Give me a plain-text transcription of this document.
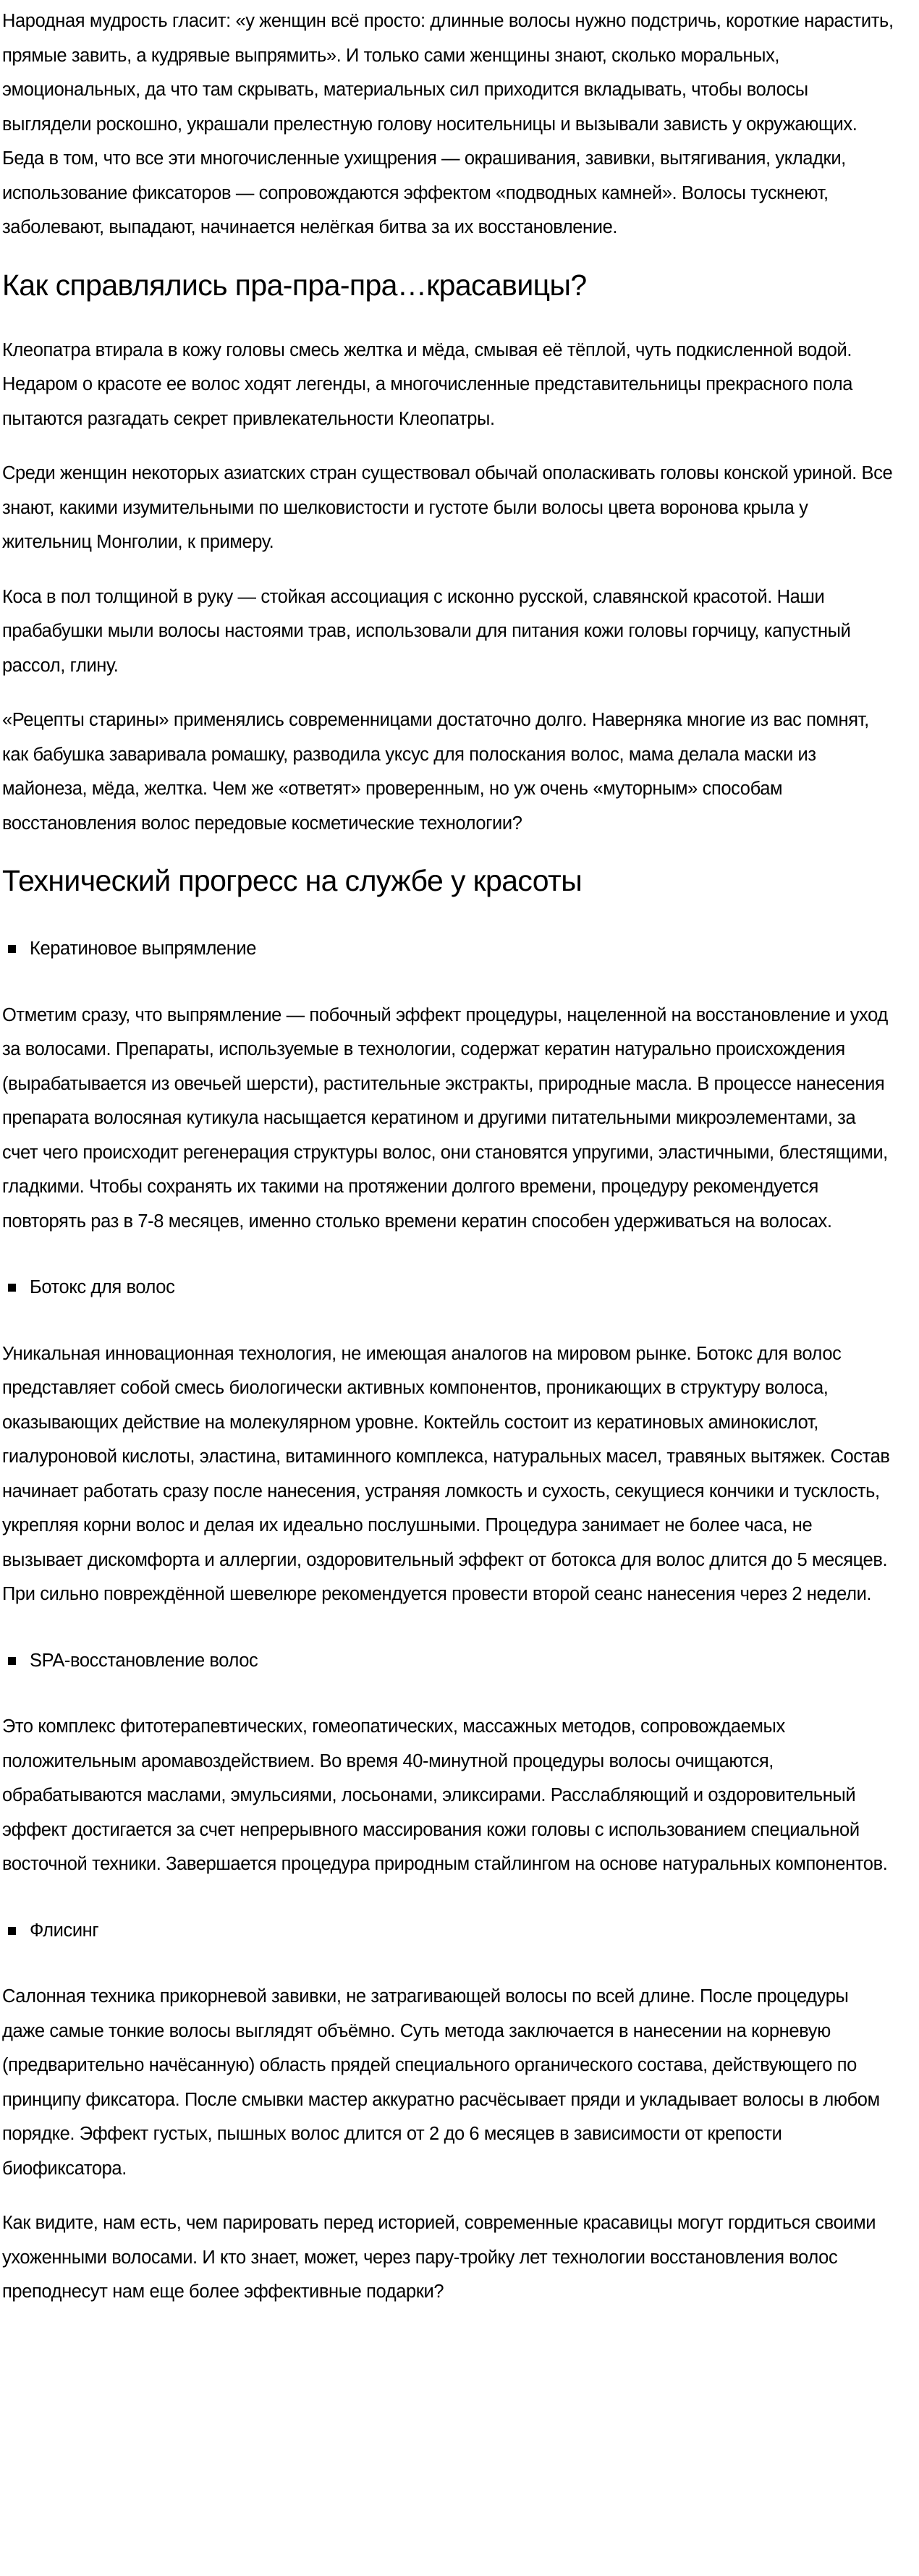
Народная мудрость гласит: «у женщин всё просто: длинные волосы нужно подстричь, короткие нарастить, прямые завить, а кудрявые выпрямить». И только сами женщины знают, сколько моральных, эмоциональных, да что там скрывать, материальных сил приходится вкладывать, чтобы волосы выглядели роскошно, украшали прелестную голову носительницы и вызывали зависть у окружающих. Беда в том, что все эти многочисленные ухищрения — окрашивания, завивки, вытягивания, укладки, использование фиксаторов — сопровождаются эффектом «подводных камней». Волосы тускнеют, заболевают, выпадают, начинается нелёгкая битва за их восстановление.

Как справлялись пра-пра-пра…красавицы?

Клеопатра втирала в кожу головы смесь желтка и мёда, смывая её тёплой, чуть подкисленной водой. Недаром о красоте ее волос ходят легенды, а многочисленные представительницы прекрасного пола пытаются разгадать секрет привлекательности Клеопатры.

Среди женщин некоторых азиатских стран существовал обычай ополаскивать головы конской уриной. Все знают, какими изумительными по шелковистости и густоте были волосы цвета воронова крыла у жительниц Монголии, к примеру.

Коса в пол толщиной в руку — стойкая ассоциация с исконно русской, славянской красотой. Наши прабабушки мыли волосы настоями трав, использовали для питания кожи головы горчицу, капустный рассол, глину.

«Рецепты старины» применялись современницами достаточно долго. Наверняка многие из вас помнят, как бабушка заваривала ромашку, разводила уксус для полоскания волос, мама делала маски из майонеза, мёда, желтка. Чем же «ответят» проверенным, но уж очень «муторным» способам восстановления волос передовые косметические технологии?

Технический прогресс на службе у красоты
Кератиновое выпрямление

Отметим сразу, что выпрямление — побочный эффект процедуры, нацеленной на восстановление и уход за волосами. Препараты, используемые в технологии, содержат кератин натурально происхождения (вырабатывается из овечьей шерсти), растительные экстракты, природные масла. В процессе нанесения препарата волосяная кутикула насыщается кератином и другими питательными микроэлементами, за счет чего происходит регенерация структуры волос, они становятся упругими, эластичными, блестящими, гладкими. Чтобы сохранять их такими на протяжении долгого времени, процедуру рекомендуется повторять раз в 7-8 месяцев, именно столько времени кератин способен удерживаться на волосах.

Ботокс для волос

Уникальная инновационная технология, не имеющая аналогов на мировом рынке. Ботокс для волос представляет собой смесь биологически активных компонентов, проникающих в структуру волоса, оказывающих действие на молекулярном уровне. Коктейль состоит из кератиновых аминокислот, гиалуроновой кислоты, эластина, витаминного комплекса, натуральных масел, травяных вытяжек. Состав начинает работать сразу после нанесения, устраняя ломкость и сухость, секущиеся кончики и тусклость, укрепляя корни волос и делая их идеально послушными. Процедура занимает не более часа, не вызывает дискомфорта и аллергии, оздоровительный эффект от ботокса для волос длится до 5 месяцев. При сильно повреждённой шевелюре рекомендуется провести второй сеанс нанесения через 2 недели.

SPA-восстановление волос

Это комплекс фитотерапевтических, гомеопатических, массажных методов, сопровождаемых положительным аромавоздействием. Во время 40-минутной процедуры волосы очищаются, обрабатываются маслами, эмульсиями, лосьонами, эликсирами. Расслабляющий и оздоровительный эффект достигается за счет непрерывного массирования кожи головы с использованием специальной восточной техники. Завершается процедура природным стайлингом на основе натуральных компонентов.

Флисинг

Салонная техника прикорневой завивки, не затрагивающей волосы по всей длине. После процедуры даже самые тонкие волосы выглядят объёмно. Суть метода заключается в нанесении на корневую (предварительно начёсанную) область прядей специального органического состава, действующего по принципу фиксатора. После смывки мастер аккуратно расчёсывает пряди и укладывает волосы в любом порядке. Эффект густых, пышных волос длится от 2 до 6 месяцев в зависимости от крепости биофиксатора.

Как видите, нам есть, чем парировать перед историей, современные красавицы могут гордиться своими ухоженными волосами. И кто знает, может, через пару-тройку лет технологии восстановления волос преподнесут нам еще более эффективные подарки?
